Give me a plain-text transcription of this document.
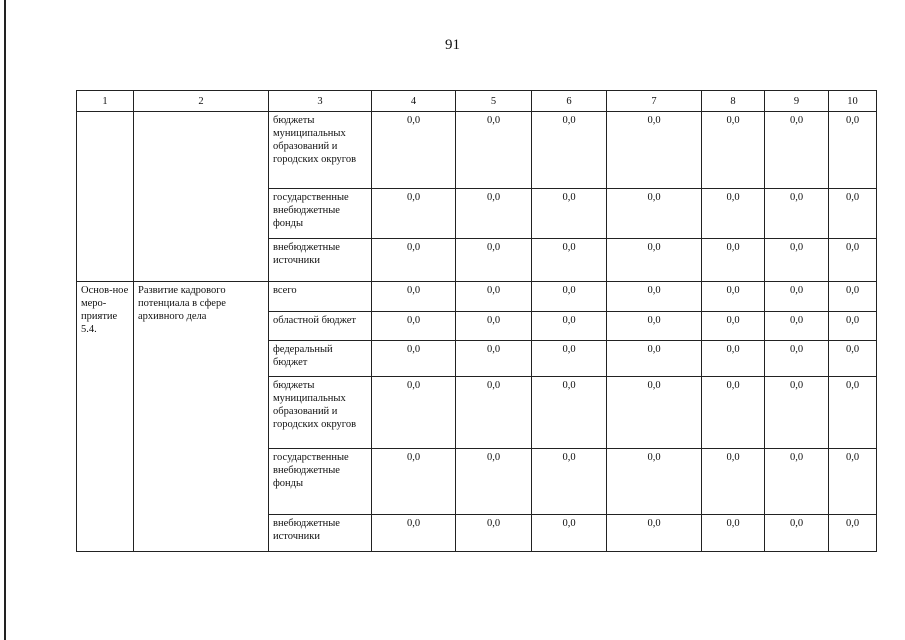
91
1	2	3	4	5	6	7	8	9	10
		бюджеты муниципальных образований и городских округов	0,0	0,0	0,0	0,0	0,0	0,0	0,0
		государственные внебюджетные фонды	0,0	0,0	0,0	0,0	0,0	0,0	0,0
		внебюджетные источники	0,0	0,0	0,0	0,0	0,0	0,0	0,0
Основ-ное меро-приятие 5.4.	Развитие кадрового потенциала в сфере архивного дела	всего	0,0	0,0	0,0	0,0	0,0	0,0	0,0
		областной бюджет	0,0	0,0	0,0	0,0	0,0	0,0	0,0
		федеральный бюджет	0,0	0,0	0,0	0,0	0,0	0,0	0,0
		бюджеты муниципальных образований и городских округов	0,0	0,0	0,0	0,0	0,0	0,0	0,0
		государственные внебюджетные фонды	0,0	0,0	0,0	0,0	0,0	0,0	0,0
		внебюджетные источники	0,0	0,0	0,0	0,0	0,0	0,0	0,0
